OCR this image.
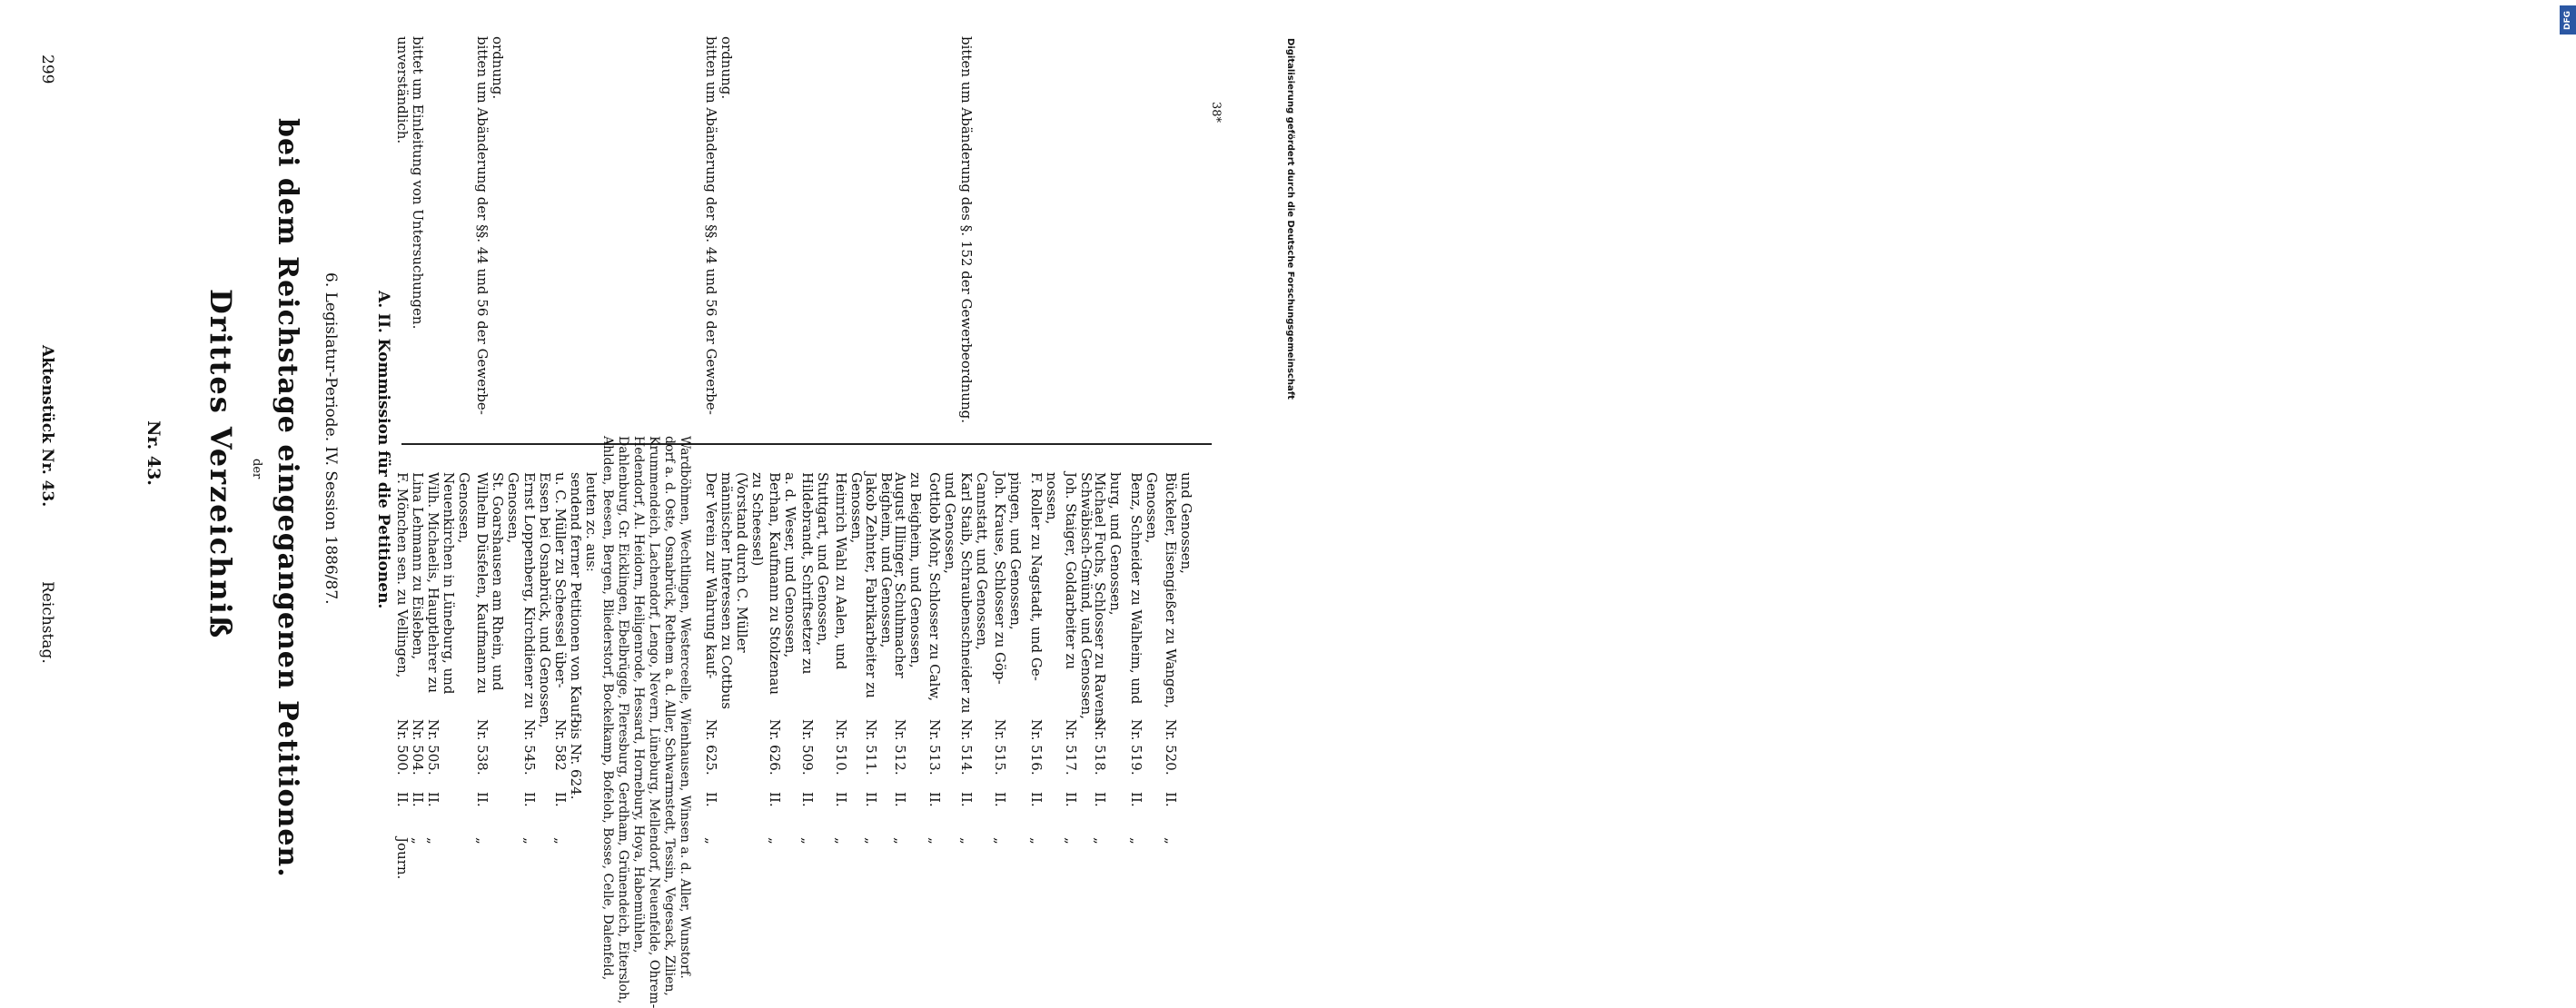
Reichstag.
Aktenstück Nr. 43.
299
Nr. 43. Drittes Verzeichniß der bei dem Reichstage eingegangenen Petitionen. 6. Legislatur-Periode. IV. Session 1886/87. A. II. Kommission für die Petitionen.
Journ.
II.
Nr. 500.
F. Mönchen sen. zu Vellingen,
unverständlich.
„
II.
Nr. 504.
Lina Lehmann zu Eisleben,
bittet um Einleitung von Untersuchungen.
„
II.
Nr. 505.
Wilh. Michaelis, Hauptlehrer zu Neuenkirchen in Lüneburg, und Genossen,
„
II.
Nr. 538.
Wilhelm Düsfelen, Kaufmann zu St. Goarshausen am Rhein, und Genossen,
bitten um Abänderung der §§. 44 und 56 der Gewerbe- ordnung.
„
II.
Nr. 545.
Ernst Loppenberg, Kirchdiener zu Essen bei Osnabrück, und Genossen,
„
II.
Nr. 582 bis Nr. 624.
u. C. Müller zu Scheessel über- sendend ferner Petitionen von Kauf- leuten zc. aus: Ahlden, Beesen, Bergen, Bliederstorf, Bockelkamp, Bofeloh, Bosse, Celle, Dalenfeld, Dahlenburg, Gr. Eicklingen, Ebelbrügge, Fleresburg, Gerdham, Grünendeich, Eitersloh, Hedendorf, Al. Heidorn, Heiligenrode, Hessard, Hornebury, Hoya, Habemühlen, Krummendeich, Lachendorf, Lengo, Nevern, Lüneburg, Mellendorf, Neuenfelde, Ohrem- dorf a. d. Oste, Osnabrück, Rethem a. d. Aller, Schwarmstedt, Tessin, Vegesack, Zilien, Wardböhmen, Wechtlingen, Westerceelle, Wienhausen, Winsen a. d. Aller, Wunstorf. „
II.
Nr. 625.
Der Verein zur Wahrung kauf- männischer Interessen zu Cottbus (Vorstand durch C. Müller zu Scheessel)
bitten um Abänderung der §§. 44 und 56 der Gewerbe- ordnung.
„
II.
Nr. 626.
Berhan, Kaufmann zu Stolzenau a. d. Weser, und Genossen,
„
II.
Nr. 509.
Hildebrandt, Schriftsetzer zu Stuttgart, und Genossen,
„
II.
Nr. 510.
Heinrich Wahl zu Aalen, und Genossen,
„
II.
Nr. 511.
Jakob Zehnter, Fabrikarbeiter zu Beigheim, und Genossen,
„
II.
Nr. 512.
August Illinger, Schuhmacher zu Beigheim, und Genossen,
„
II.
Nr. 513.
Gottlob Mohr, Schlosser zu Calw, und Genossen,
„
II.
Nr. 514.
Karl Staib, Schraubenschneider zu Cannstatt, und Genossen,
bitten um Abänderung des §. 152 der Gewerbeordnung.
„
II.
Nr. 515.
Joh. Krause, Schlosser zu Göp- pingen, und Genossen,
„
II.
Nr. 516.
F. Roller zu Nagstadt, und Ge- nossen,
„
II.
Nr. 517.
Joh. Staiger, Goldarbeiter zu Schwäbisch-Gmünd, und Genossen,
„
II.
Nr. 518.
Michael Fuchs, Schlosser zu Ravens- burg, und Genossen,
„
II.
Nr. 519.
Benz, Schneider zu Walheim, und Genossen,
„
II.
Nr. 520.
Bückeler, Eisengießer zu Wangen, und Genossen,
38*
DFG
Digitalisierung gefördert durch die Deutsche Forschungsgemeinschaft
